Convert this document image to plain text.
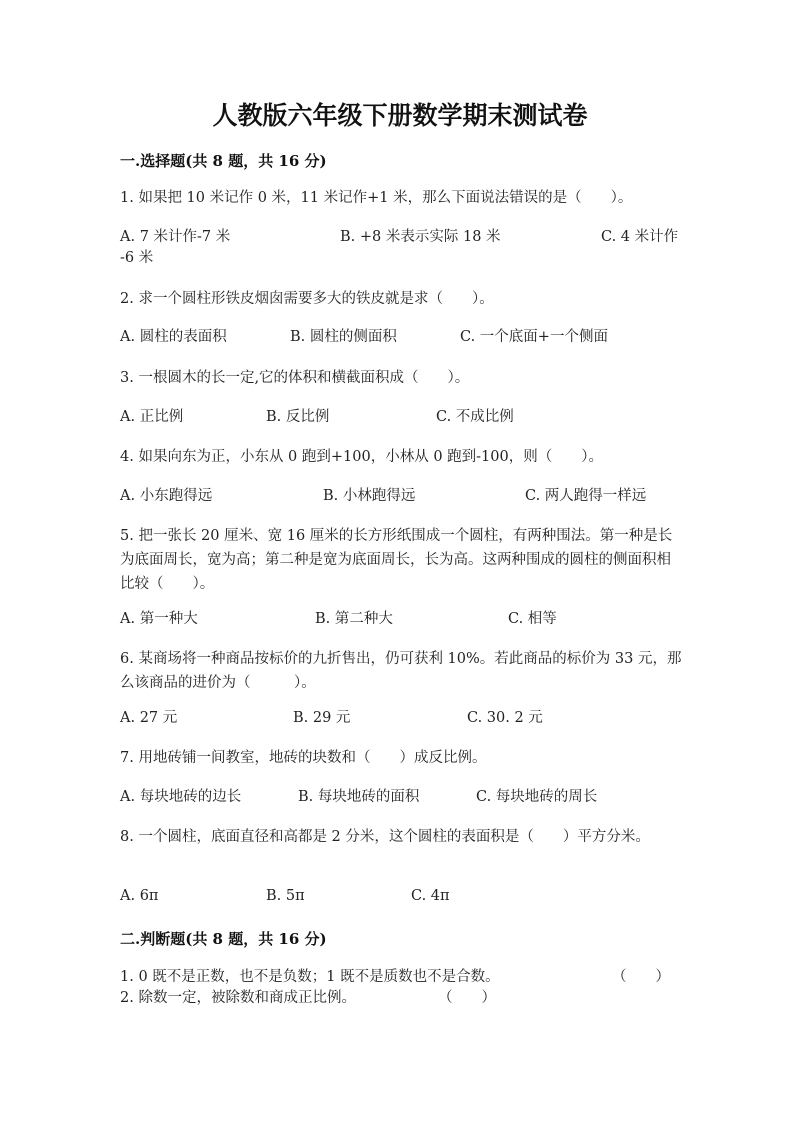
人教版六年级下册数学期末测试卷
一.选择题(共 8 题，共 16 分)
1. 如果把 10 米记作 0 米，11 米记作+1 米，那么下面说法错误的是（　　）。
A. 7 米计作-7 米	B. +8 米表示实际 18 米	C. 4 米计作
-6 米
2. 求一个圆柱形铁皮烟囱需要多大的铁皮就是求（　　）。
A. 圆柱的表面积	B. 圆柱的侧面积	C. 一个底面+一个侧面
3. 一根圆木的长一定,它的体积和横截面积成（　　）。
A. 正比例	B. 反比例	C. 不成比例
4. 如果向东为正，小东从 0 跑到+100，小林从 0 跑到-100，则（　　）。
A. 小东跑得远	B. 小林跑得远	C. 两人跑得一样远
5. 把一张长 20 厘米、宽 16 厘米的长方形纸围成一个圆柱，有两种围法。第一种是长为底面周长，宽为高；第二种是宽为底面周长，长为高。这两种围成的圆柱的侧面积相比较（　　）。
A. 第一种大	B. 第二种大	C. 相等
6. 某商场将一种商品按标价的九折售出，仍可获利 10%。若此商品的标价为 33 元，那么该商品的进价为（　　　）。
A. 27 元	B. 29 元	C. 30. 2 元
7. 用地砖铺一间教室，地砖的块数和（　　）成反比例。
A. 每块地砖的边长	B. 每块地砖的面积	C. 每块地砖的周长
8. 一个圆柱，底面直径和高都是 2 分米，这个圆柱的表面积是（　　）平方分米。
A. 6π	B. 5π	C. 4π
二.判断题(共 8 题，共 16 分)
1. 0 既不是正数，也不是负数；1 既不是质数也不是合数。	（　　）
2. 除数一定，被除数和商成正比例。	（　　）
